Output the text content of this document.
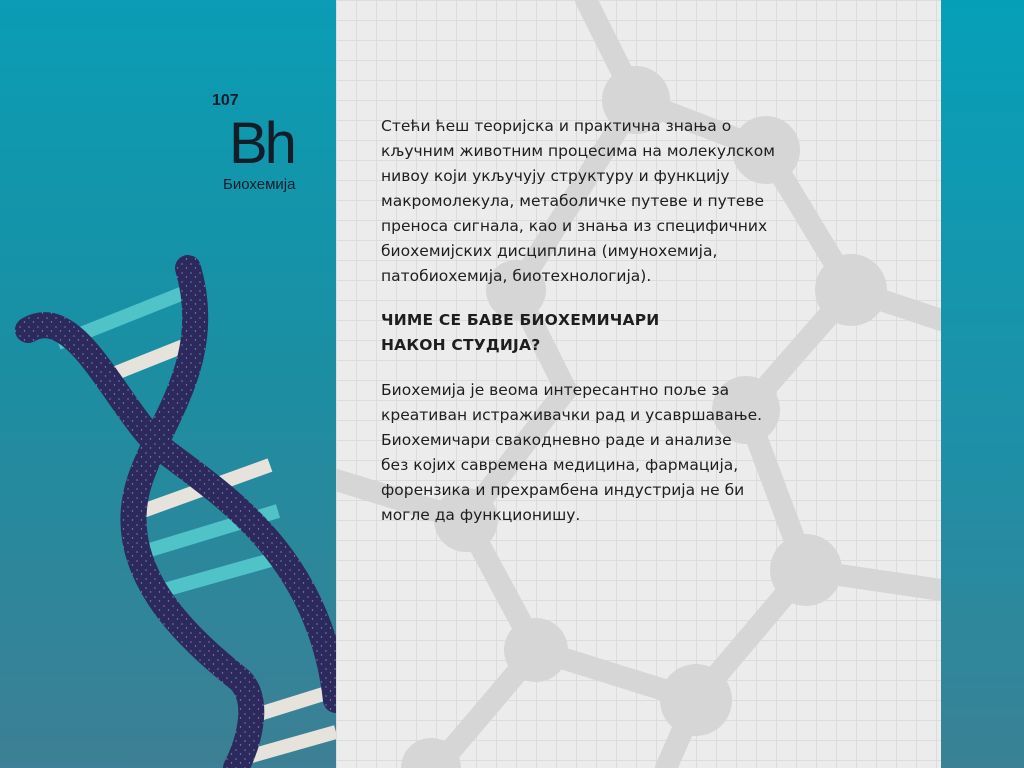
107
Bh
Биохемија

Стећи ћеш теоријска и практична знања о
кључним животним процесима на молекулском
нивоу који укључују структуру и функцију
макромолекула, метаболичке путеве и путеве
преноса сигнала, као и знања из специфичних
биохемијских дисциплина (имунохемија,
патобиохемија, биотехнологија).

ЧИМЕ СЕ БАВЕ БИОХЕМИЧАРИ
НАКОН СТУДИЈА?

Биохемија је веома интересантно поље за
креативан истраживачки рад и усавршавање.
Биохемичари свакодневно раде и анализе
без којих савремена медицина, фармација,
форензика и прехрамбена индустрија не би
могле да функционишу.
